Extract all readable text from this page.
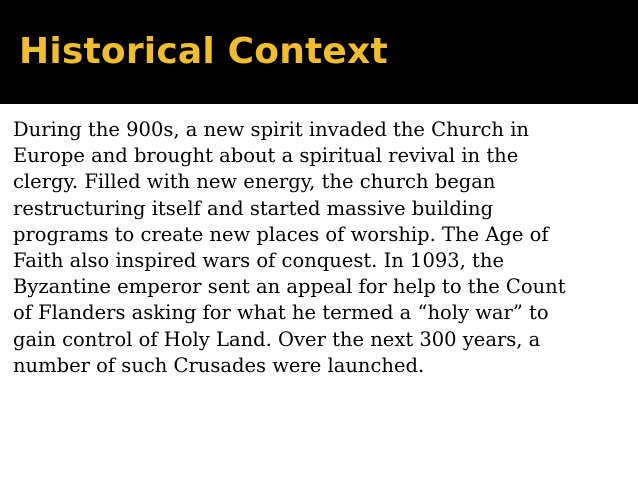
Historical Context
During the 900s, a new spirit invaded the Church in
Europe and brought about a spiritual revival in the
clergy. Filled with new energy, the church began
restructuring itself and started massive building
programs to create new places of worship. The Age of
Faith also inspired wars of conquest. In 1093, the
Byzantine emperor sent an appeal for help to the Count
of Flanders asking for what he termed a “holy war” to
gain control of Holy Land. Over the next 300 years, a
number of such Crusades were launched.
